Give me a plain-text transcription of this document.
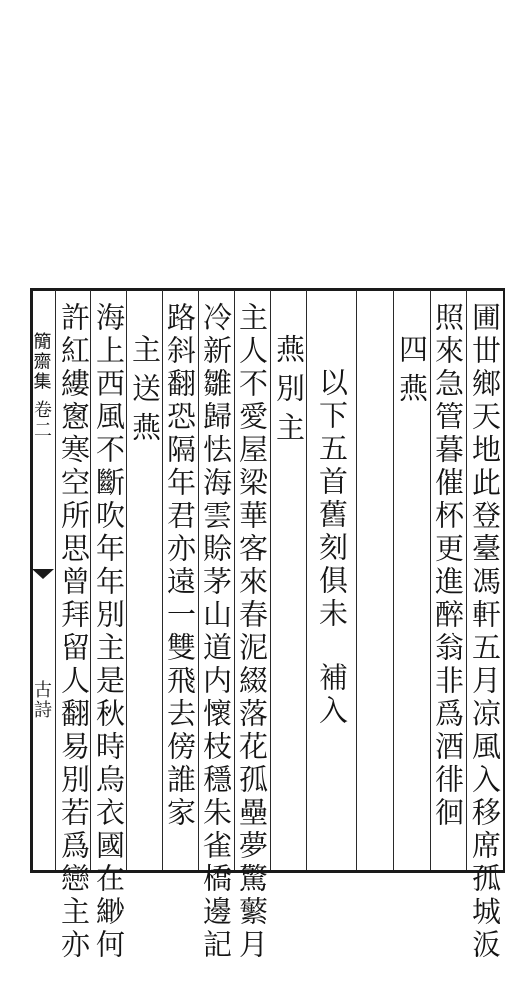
𥳑齋集
卷二
古詩	圃丗鄉天地此登臺馮軒五月凉風入移席孤城汳
照來急管暮催杯更進醉翁非爲酒徘徊
四燕
以下五首舊刻俱未
補入
燕別主
主人不愛屋梁華客來春泥綴落花孤壘夢驚蘩月
冷新雛歸怯海雲賒茅山道内懷枝穩朱雀橋邊記
路斜翻恐隔年君亦遠一雙飛去傍誰家
主送燕
海上西風不斷吹年年別主是秋時烏衣國在緲何
許紅縷窻寒空所思曾拜留人翻易別若爲戀主亦
